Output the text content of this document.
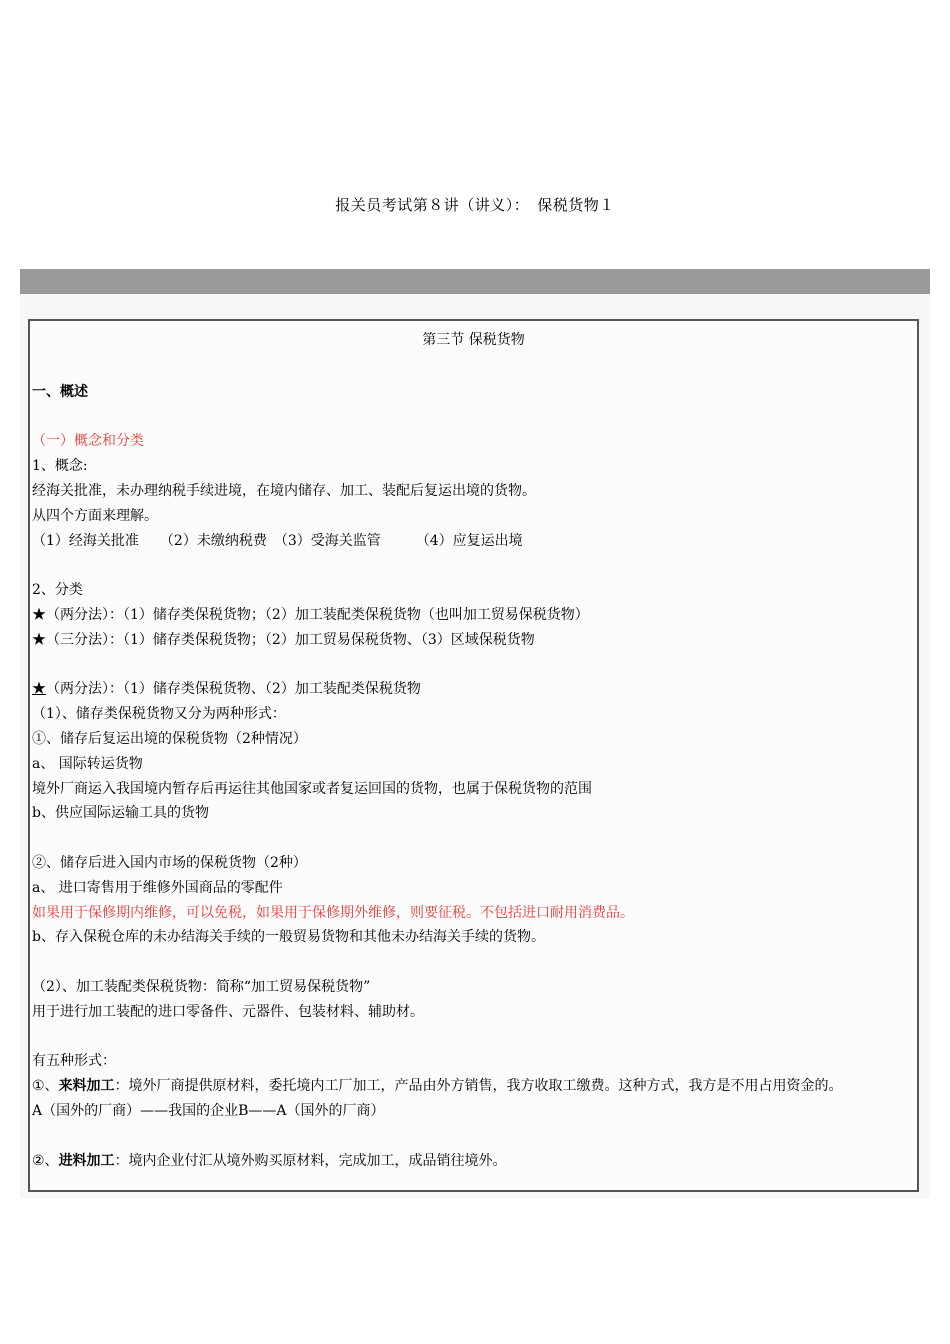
报关员考试第８讲（讲义）：　保税货物１
第三节 保税货物
一、概述
（一）概念和分类
1、概念:
经海关批准，未办理纳税手续进境，在境内储存、加工、装配后复运出境的货物。
从四个方面来理解。
（1）经海关批准　　（2）未缴纳税费　（3）受海关监管　　　（4）应复运出境
2、分类
★（两分法）：（1）储存类保税货物；（2）加工装配类保税货物（也叫加工贸易保税货物）
★（三分法）：（1）储存类保税货物；（2）加工贸易保税货物、（3）区域保税货物
★（两分法）：（1）储存类保税货物、（2）加工装配类保税货物
（1）、储存类保税货物又分为两种形式：
①、储存后复运出境的保税货物（2种情况）
a、 国际转运货物
境外厂商运入我国境内暂存后再运往其他国家或者复运回国的货物，也属于保税货物的范围
b、供应国际运输工具的货物
②、储存后进入国内市场的保税货物（2种）
a、 进口寄售用于维修外国商品的零配件
如果用于保修期内维修，可以免税，如果用于保修期外维修，则要征税。不包括进口耐用消费品。
b、存入保税仓库的未办结海关手续的一般贸易货物和其他未办结海关手续的货物。
（2）、加工装配类保税货物：简称“加工贸易保税货物”
用于进行加工装配的进口零备件、元器件、包装材料、辅助材。
有五种形式：
①、来料加工：境外厂商提供原材料，委托境内工厂加工，产品由外方销售，我方收取工缴费。这种方式，我方是不用占用资金的。
A（国外的厂商）——我国的企业B——A（国外的厂商）
②、进料加工：境内企业付汇从境外购买原材料，完成加工，成品销往境外。
